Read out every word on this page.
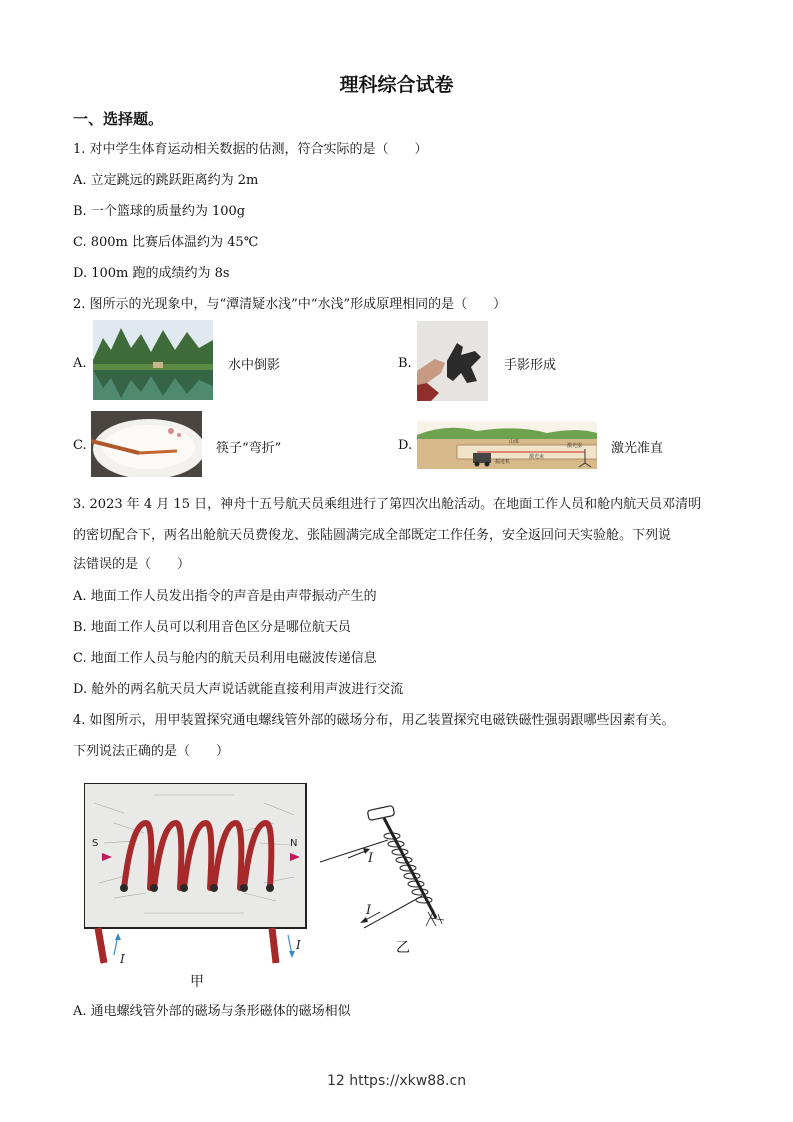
理科综合试卷
一、选择题。
1. 对中学生体育运动相关数据的估测，符合实际的是（　　）
A. 立定跳远的跳跃距离约为 2m
B. 一个篮球的质量约为 100g
C. 800m 比赛后体温约为 45℃
D. 100m 跑的成绩约为 8s
2. 图所示的光现象中，与“潭清疑水浅”中“水浅”形成原理相同的是（　　）
A.	水中倒影	B.	手影形成
C.	筷子“弯折”	D.	山体
激光器
掘进机
激光束
激光准直
3. 2023 年 4 月 15 日，神舟十五号航天员乘组进行了第四次出舱活动。在地面工作人员和舱内航天员邓清明
的密切配合下，两名出舱航天员费俊龙、张陆圆满完成全部既定工作任务，安全返回问天实验舱。下列说
法错误的是（　　）
A. 地面工作人员发出指令的声音是由声带振动产生的
B. 地面工作人员可以利用音色区分是哪位航天员
C. 地面工作人员与舱内的航天员利用电磁波传递信息
D. 舱外的两名航天员大声说话就能直接利用声波进行交流
4. 如图所示，用甲装置探究通电螺线管外部的磁场分布，用乙装置探究电磁铁磁性强弱跟哪些因素有关。
下列说法正确的是（　　）
S	N
I
I
甲
I
I
乙
A. 通电螺线管外部的磁场与条形磁体的磁场相似
12 https://xkw88.cn
